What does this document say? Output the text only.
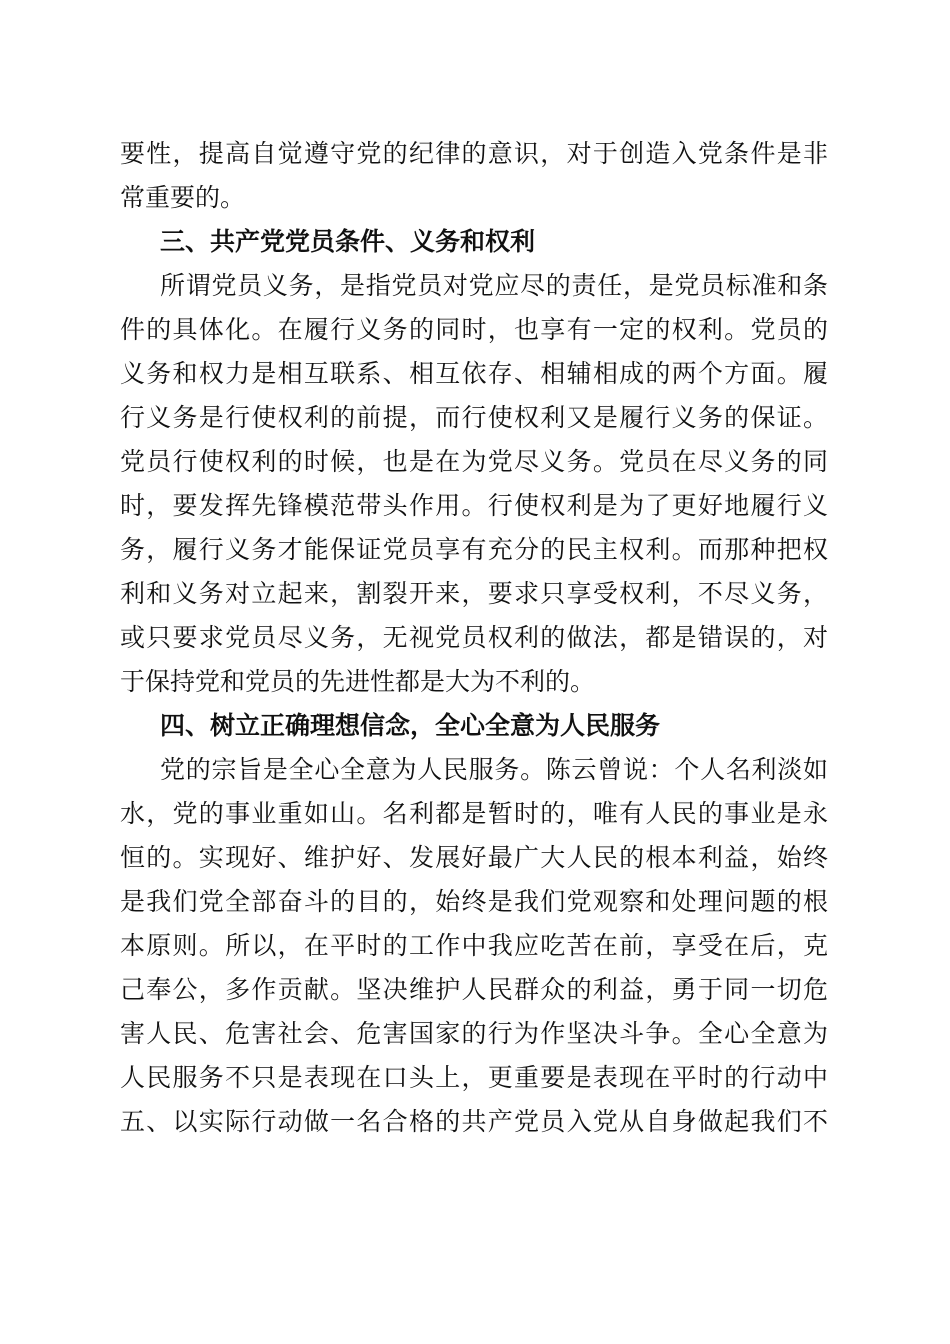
要性，提高自觉遵守党的纪律的意识，对于创造入党条件是非
常重要的。
三、共产党党员条件、义务和权利
所谓党员义务，是指党员对党应尽的责任，是党员标准和条
件的具体化。在履行义务的同时，也享有一定的权利。党员的
义务和权力是相互联系、相互依存、相辅相成的两个方面。履
行义务是行使权利的前提，而行使权利又是履行义务的保证。
党员行使权利的时候，也是在为党尽义务。党员在尽义务的同
时，要发挥先锋模范带头作用。行使权利是为了更好地履行义
务，履行义务才能保证党员享有充分的民主权利。而那种把权
利和义务对立起来，割裂开来，要求只享受权利，不尽义务，
或只要求党员尽义务，无视党员权利的做法，都是错误的，对
于保持党和党员的先进性都是大为不利的。
四、树立正确理想信念，全心全意为人民服务
党的宗旨是全心全意为人民服务。陈云曾说：个人名利淡如
水，党的事业重如山。名利都是暂时的，唯有人民的事业是永
恒的。实现好、维护好、发展好最广大人民的根本利益，始终
是我们党全部奋斗的目的，始终是我们党观察和处理问题的根
本原则。所以，在平时的工作中我应吃苦在前，享受在后，克
己奉公，多作贡献。坚决维护人民群众的利益，勇于同一切危
害人民、危害社会、危害国家的行为作坚决斗争。全心全意为
人民服务不只是表现在口头上，更重要是表现在平时的行动中
五、以实际行动做一名合格的共产党员入党从自身做起我们不
